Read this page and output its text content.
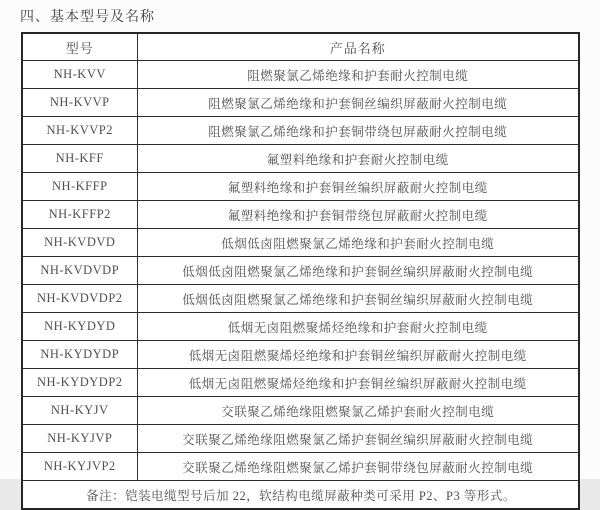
四、基本型号及名称
型号	产品名称
NH-KVV	阻燃聚氯乙烯绝缘和护套耐火控制电缆
NH-KVVP	阻燃聚氯乙烯绝缘和护套铜丝编织屏蔽耐火控制电缆
NH-KVVP2	阻燃聚氯乙烯绝缘和护套铜带绕包屏蔽耐火控制电缆
NH-KFF	氟塑料绝缘和护套耐火控制电缆
NH-KFFP	氟塑料绝缘和护套铜丝编织屏蔽耐火控制电缆
NH-KFFP2	氟塑料绝缘和护套铜带绕包屏蔽耐火控制电缆
NH-KVDVD	低烟低卤阻燃聚氯乙烯绝缘和护套耐火控制电缆
NH-KVDVDP	低烟低卤阻燃聚氯乙烯绝缘和护套铜丝编织屏蔽耐火控制电缆
NH-KVDVDP2	低烟低卤阻燃聚氯乙烯绝缘和护套铜丝编织屏蔽耐火控制电缆
NH-KYDYD	低烟无卤阻燃聚烯烃绝缘和护套耐火控制电缆
NH-KYDYDP	低烟无卤阻燃聚烯烃绝缘和护套铜丝编织屏蔽耐火控制电缆
NH-KYDYDP2	低烟无卤阻燃聚烯烃绝缘和护套铜丝编织屏蔽耐火控制电缆
NH-KYJV	交联聚乙烯绝缘阻燃聚氯乙烯护套耐火控制电缆
NH-KYJVP	交联聚乙烯绝缘阻燃聚氯乙烯护套铜丝编织屏蔽耐火控制电缆
NH-KYJVP2	交联聚乙烯绝缘阻燃聚氯乙烯护套铜带绕包屏蔽耐火控制电缆
备注：铠装电缆型号后加 22，软结构电缆屏蔽种类可采用 P2、P3 等形式。	
